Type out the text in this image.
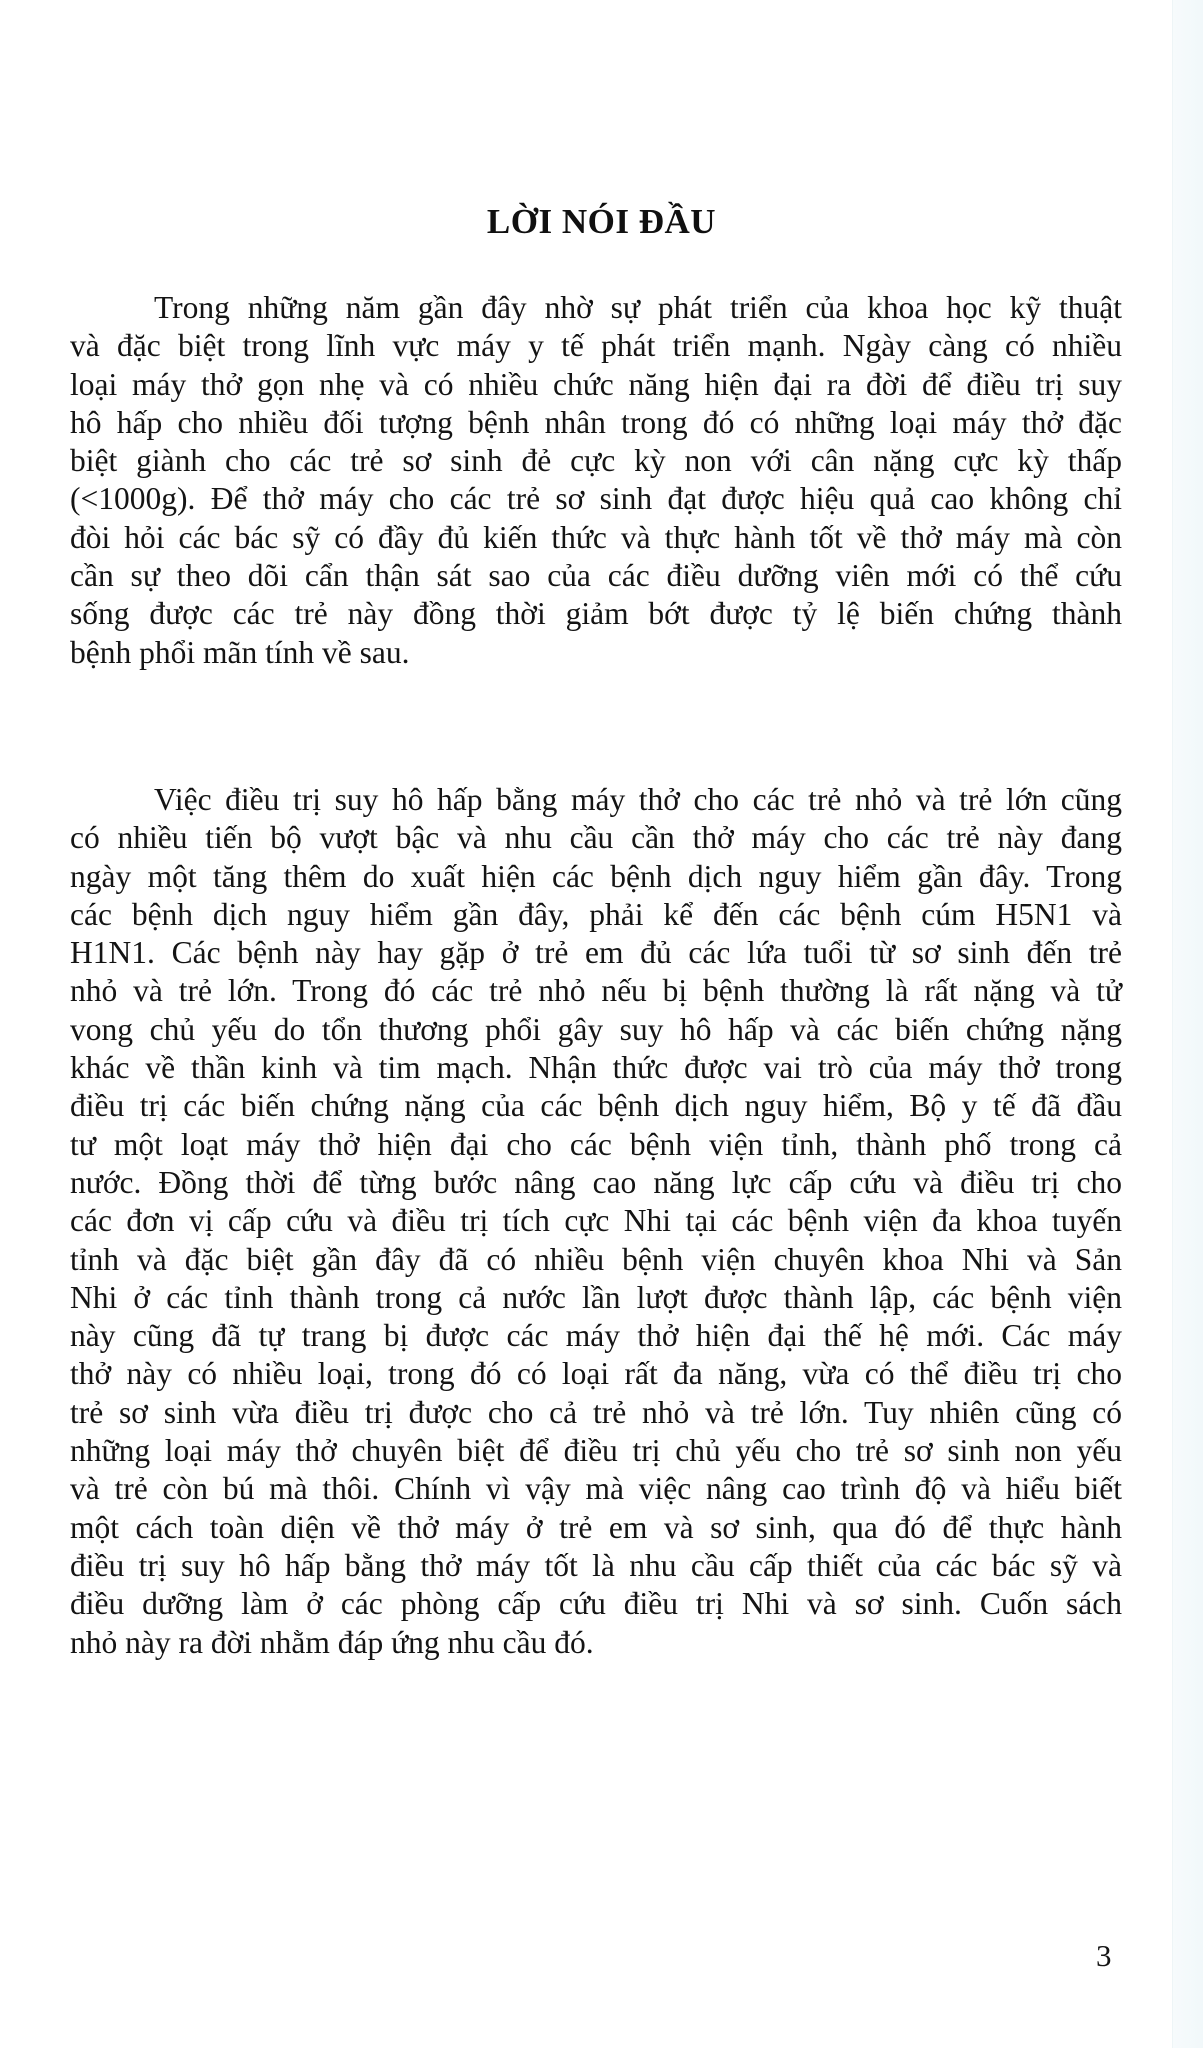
LỜI NÓI ĐẦU

Trong những năm gần đây nhờ sự phát triển của khoa học kỹ thuật
và đặc biệt trong lĩnh vực máy y tế phát triển mạnh. Ngày càng có nhiều
loại máy thở gọn nhẹ và có nhiều chức năng hiện đại ra đời để điều trị suy
hô hấp cho nhiều đối tượng bệnh nhân trong đó có những loại máy thở đặc
biệt giành cho các trẻ sơ sinh đẻ cực kỳ non với cân nặng cực kỳ thấp
(<1000g). Để thở máy cho các trẻ sơ sinh đạt được hiệu quả cao không chỉ
đòi hỏi các bác sỹ có đầy đủ kiến thức và thực hành tốt về thở máy mà còn
cần sự theo dõi cẩn thận sát sao của các điều dưỡng viên mới có thể cứu
sống được các trẻ này đồng thời giảm bớt được tỷ lệ biến chứng thành
bệnh phổi mãn tính về sau.

Việc điều trị suy hô hấp bằng máy thở cho các trẻ nhỏ và trẻ lớn cũng
có nhiều tiến bộ vượt bậc và nhu cầu cần thở máy cho các trẻ này đang
ngày một tăng thêm do xuất hiện các bệnh dịch nguy hiểm gần đây. Trong
các bệnh dịch nguy hiểm gần đây, phải kể đến các bệnh cúm H5N1 và
H1N1. Các bệnh này hay gặp ở trẻ em đủ các lứa tuổi từ sơ sinh đến trẻ
nhỏ và trẻ lớn. Trong đó các trẻ nhỏ nếu bị bệnh thường là rất nặng và tử
vong chủ yếu do tổn thương phổi gây suy hô hấp và các biến chứng nặng
khác về thần kinh và tim mạch. Nhận thức được vai trò của máy thở trong
điều trị các biến chứng nặng của các bệnh dịch nguy hiểm, Bộ y tế đã đầu
tư một loạt máy thở hiện đại cho các bệnh viện tỉnh, thành phố trong cả
nước. Đồng thời để từng bước nâng cao năng lực cấp cứu và điều trị cho
các đơn vị cấp cứu và điều trị tích cực Nhi tại các bệnh viện đa khoa tuyến
tỉnh và đặc biệt gần đây đã có nhiều bệnh viện chuyên khoa Nhi và Sản
Nhi ở các tỉnh thành trong cả nước lần lượt được thành lập, các bệnh viện
này cũng đã tự trang bị được các máy thở hiện đại thế hệ mới. Các máy
thở này có nhiều loại, trong đó có loại rất đa năng, vừa có thể điều trị cho
trẻ sơ sinh vừa điều trị được cho cả trẻ nhỏ và trẻ lớn. Tuy nhiên cũng có
những loại máy thở chuyên biệt để điều trị chủ yếu cho trẻ sơ sinh non yếu
và trẻ còn bú mà thôi. Chính vì vậy mà việc nâng cao trình độ và hiểu biết
một cách toàn diện về thở máy ở trẻ em và sơ sinh, qua đó để thực hành
điều trị suy hô hấp bằng thở máy tốt là nhu cầu cấp thiết của các bác sỹ và
điều dưỡng làm ở các phòng cấp cứu điều trị Nhi và sơ sinh. Cuốn sách
nhỏ này ra đời nhằm đáp ứng nhu cầu đó.

3
